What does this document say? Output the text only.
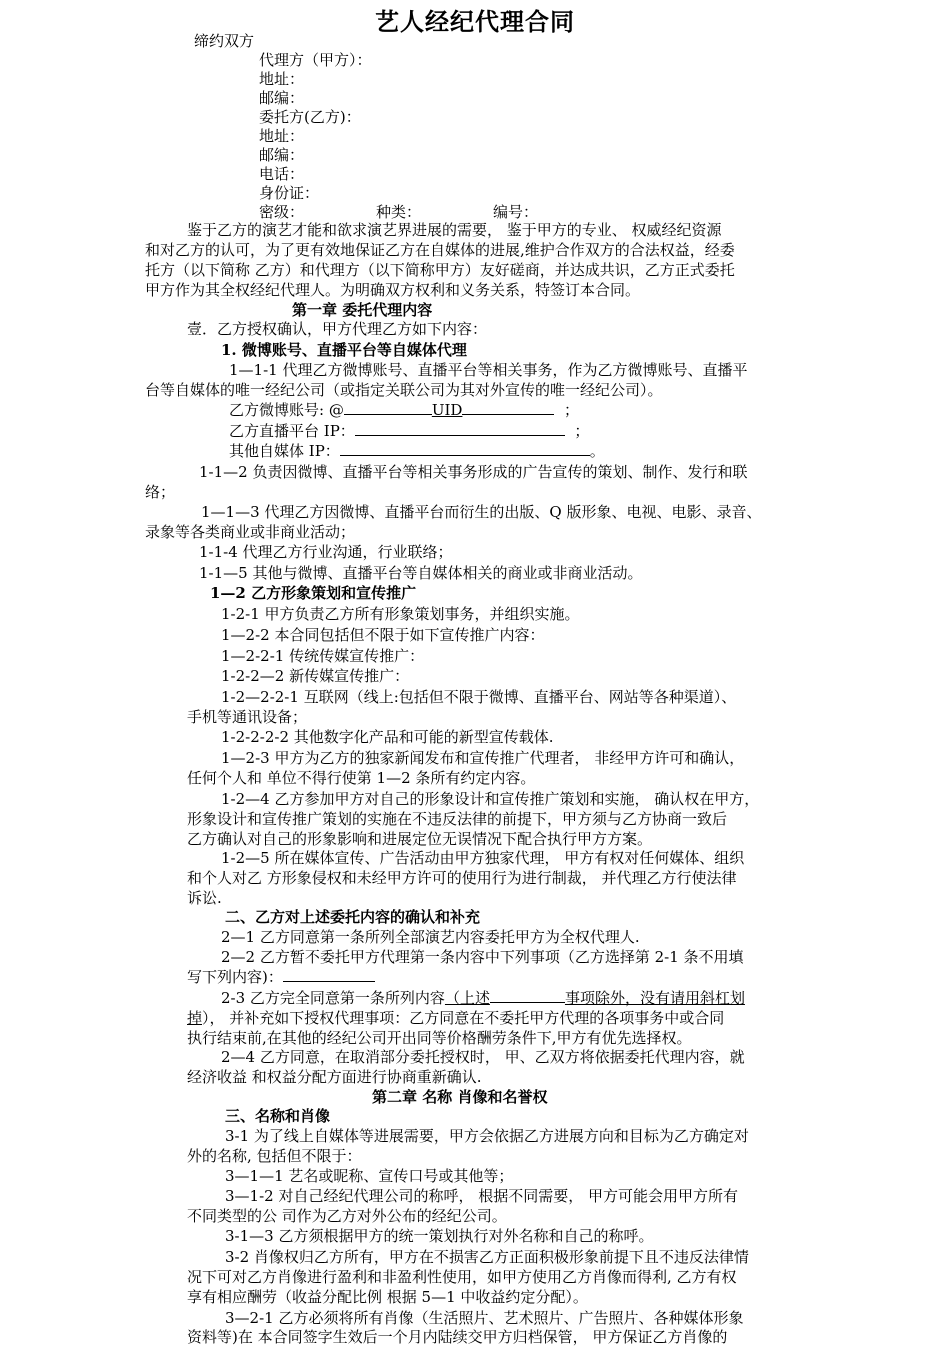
艺人经纪代理合同
缔约双方
代理方（甲方）：
地址：
邮编：
委托方(乙方)：
地址：
邮编：
电话：
身份证：
密级：	种类：	编号：
鉴于乙方的演艺才能和欲求演艺界进展的需要， 鉴于甲方的专业、 权威经纪资源
和对乙方的认可，为了更有效地保证乙方在自媒体的进展,维护合作双方的合法权益，经委
托方（以下简称 乙方）和代理方（以下简称甲方）友好磋商，并达成共识，乙方正式委托
甲方作为其全权经纪代理人。为明确双方权利和义务关系，特签订本合同。
第一章 委托代理内容
壹．乙方授权确认，甲方代理乙方如下内容：
1. 微博账号、直播平台等自媒体代理
1—1-1 代理乙方微博账号、直播平台等相关事务，作为乙方微博账号、直播平
台等自媒体的唯一经纪公司（或指定关联公司为其对外宣传的唯一经纪公司）。
乙方微博账号: @	UID	；
乙方直播平台 IP：	；
其他自媒体 IP：	。
1-1—2 负责因微博、直播平台等相关事务形成的广告宣传的策划、制作、发行和联
络；
1—1—3 代理乙方因微博、直播平台而衍生的出版、Q 版形象、电视、电影、录音、
录象等各类商业或非商业活动；
1-1-4 代理乙方行业沟通，行业联络；
1-1—5 其他与微博、直播平台等自媒体相关的商业或非商业活动。
1—2 乙方形象策划和宣传推广
1-2-1 甲方负责乙方所有形象策划事务，并组织实施。
1—2-2 本合同包括但不限于如下宣传推广内容：
1—2-2-1 传统传媒宣传推广：
1-2-2—2 新传媒宣传推广：
1-2—2-2-1 互联网（线上:包括但不限于微博、直播平台、网站等各种渠道）、
手机等通讯设备；
1-2-2-2-2 其他数字化产品和可能的新型宣传载体.
1—2-3 甲方为乙方的独家新闻发布和宣传推广代理者， 非经甲方许可和确认，
任何个人和 单位不得行使第 1—2 条所有约定内容。
1-2—4 乙方参加甲方对自己的形象设计和宣传推广策划和实施， 确认权在甲方，
形象设计和宣传推广策划的实施在不违反法律的前提下，甲方须与乙方协商一致后
乙方确认对自己的形象影响和进展定位无误情况下配合执行甲方方案。
1-2—5 所在媒体宣传、广告活动由甲方独家代理， 甲方有权对任何媒体、组织
和个人对乙 方形象侵权和未经甲方许可的使用行为进行制裁， 并代理乙方行使法律
诉讼.
二、乙方对上述委托内容的确认和补充
2—1 乙方同意第一条所列全部演艺内容委托甲方为全权代理人.
2—2 乙方暂不委托甲方代理第一条内容中下列事项（乙方选择第 2-1 条不用填
写下列内容)：
2-3 乙方完全同意第一条所列内容（上述	事项除外，没有请用斜杠划
掉）， 并补充如下授权代理事项：乙方同意在不委托甲方代理的各项事务中或合同
执行结束前,在其他的经纪公司开出同等价格酬劳条件下,甲方有优先选择权。
2—4 乙方同意，在取消部分委托授权时， 甲、乙双方将依据委托代理内容，就
经济收益 和权益分配方面进行协商重新确认.
第二章 名称 肖像和名誉权
三、名称和肖像
3-1 为了线上自媒体等进展需要，甲方会依据乙方进展方向和目标为乙方确定对
外的名称, 包括但不限于：
3—1—1 艺名或昵称、宣传口号或其他等；
3—1-2 对自己经纪代理公司的称呼， 根据不同需要， 甲方可能会用甲方所有
不同类型的公 司作为乙方对外公布的经纪公司。
3-1—3 乙方须根据甲方的统一策划执行对外名称和自己的称呼。
3-2 肖像权归乙方所有，甲方在不损害乙方正面积极形象前提下且不违反法律情
况下可对乙方肖像进行盈利和非盈利性使用，如甲方使用乙方肖像而得利, 乙方有权
享有相应酬劳（收益分配比例 根据 5—1 中收益约定分配）。
3—2-1 乙方必须将所有肖像（生活照片、艺术照片、广告照片、各种媒体形象
资料等)在 本合同签字生效后一个月内陆续交甲方归档保管， 甲方保证乙方肖像的
